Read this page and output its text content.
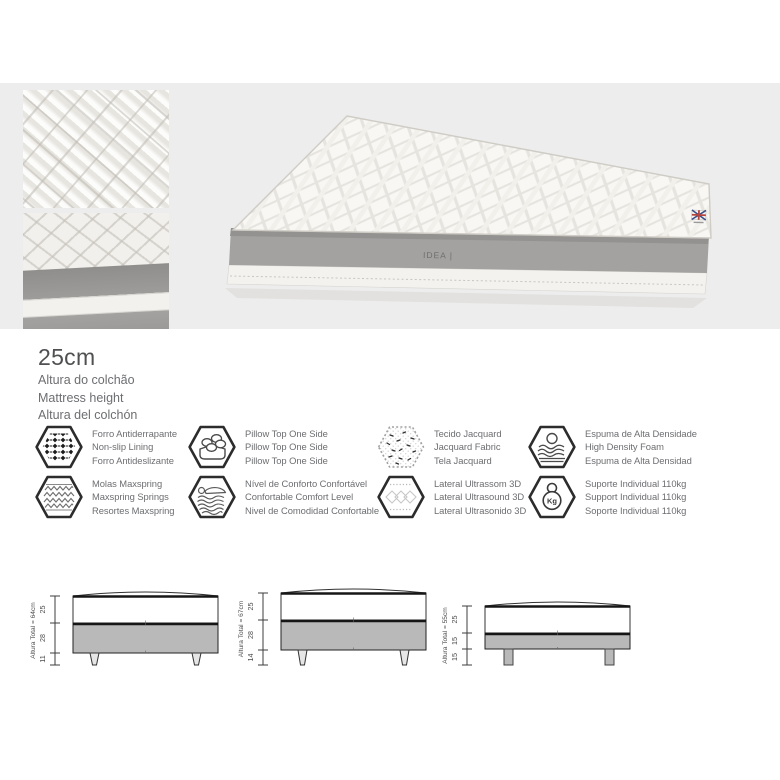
IDEA |
25cm

Altura do colchão

Mattress height

Altura del colchón

Forro Antiderrapante
Non-slip Lining
Forro Antideslizante
Pillow Top One Side
Pillow Top One Side
Pillow Top One Side
Tecido Jacquard
Jacquard Fabric
Tela Jacquard
Espuma de Alta Densidade
High Density Foam
Espuma de Alta Densidad
Molas Maxspring
Maxspring Springs
Resortes Maxspring
Nível de Conforto Confortável
Confortable Comfort Level
Nivel de Comodidad Confortable
Lateral Ultrassom 3D
Lateral Ultrasound 3D
Lateral Ultrasonido 3D
Kg
Suporte Individual 110kg
Support Individual 110kg
Soporte Individual 110kg
Altura Total = 64cm 25
28
11
Altura Total = 67cm 25
28
14	Altura Total = 55cm 25
15
15
